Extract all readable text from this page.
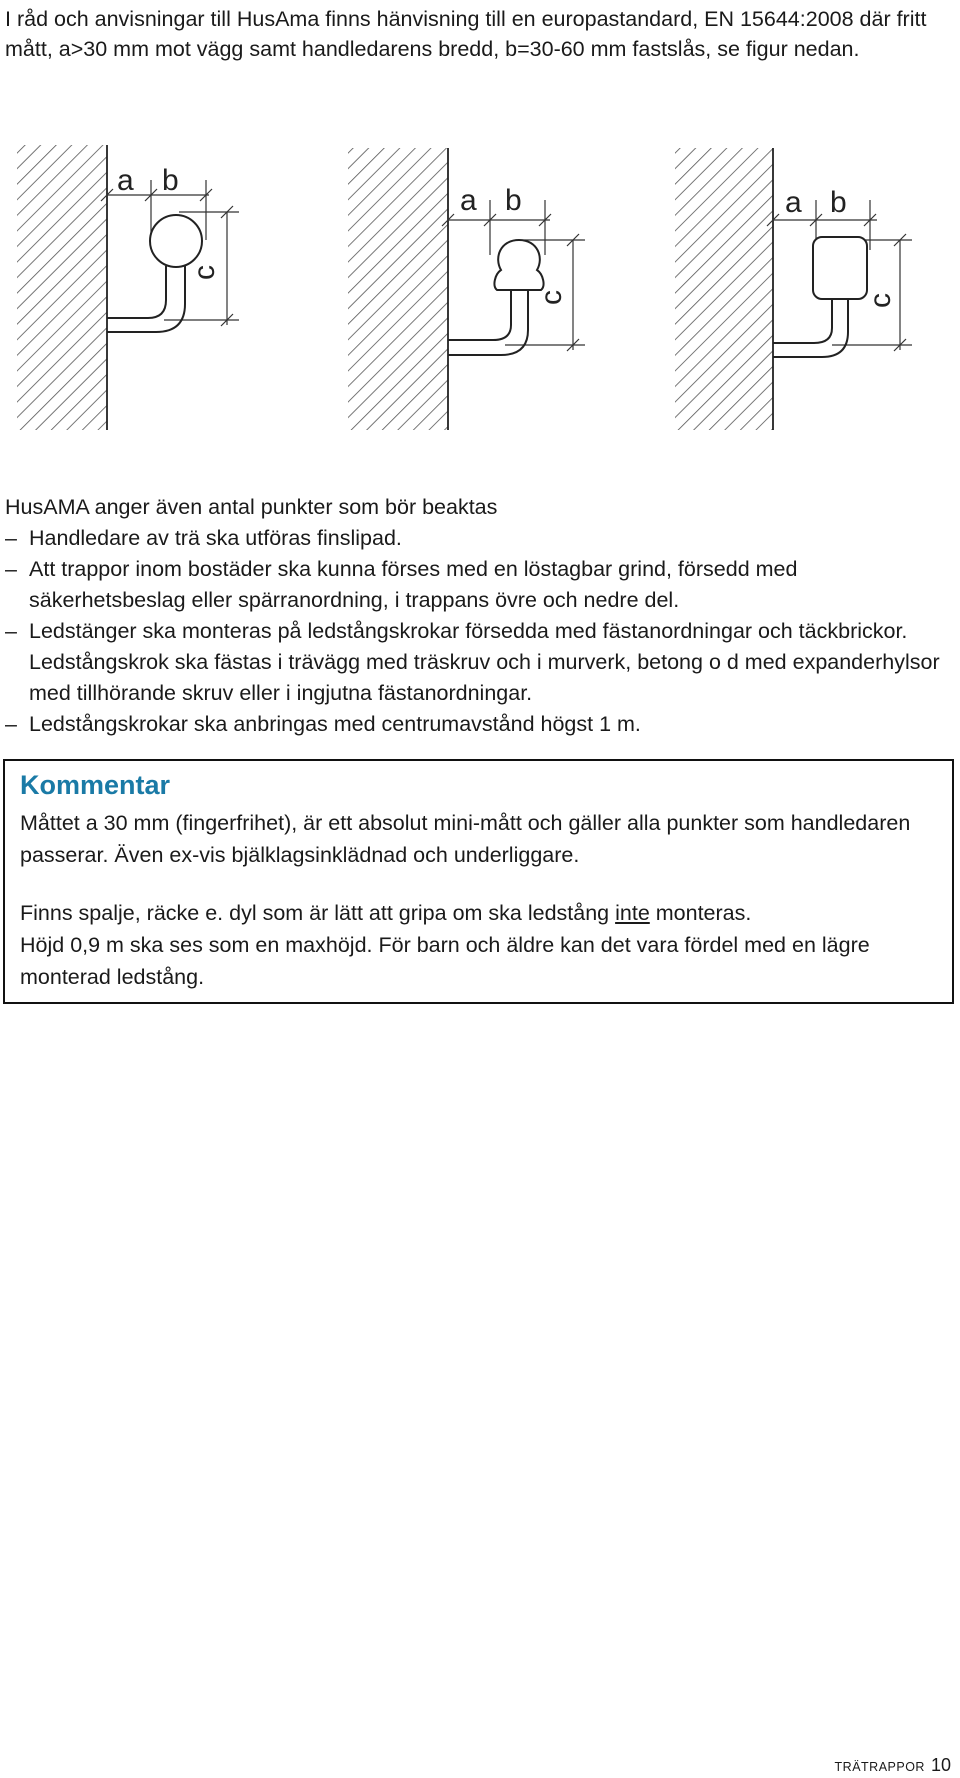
I råd och anvisningar till HusAma finns hänvisning till en europastandard, EN 15644:2008 där fritt mått, a>30 mm mot vägg samt handledarens bredd, b=30-60 mm fastslås, se figur nedan.

a b
c
a b
c
a b
c

HusAMA anger även antal punkter som bör beaktas

– Handledare av trä ska utföras finslipad.
– Att trappor inom bostäder ska kunna förses med en löstagbar grind, försedd med säkerhetsbeslag eller spärranordning, i trappans övre och nedre del.
– Ledstänger ska monteras på ledstångskrokar försedda med fästanordningar och täckbrickor. Ledstångskrok ska fästas i trävägg med träskruv och i murverk, betong o d med expanderhylsor med tillhörande skruv eller i ingjutna fästanordningar.
– Ledstångskrokar ska anbringas med centrumavstånd högst 1 m.
Kommentar

Måttet a 30 mm (fingerfrihet), är ett absolut mini-mått och gäller alla punkter som handledaren passerar. Även ex-vis bjälklagsinklädnad och underliggare.

Finns spalje, räcke e. dyl som är lätt att gripa om ska ledstång inte monteras.

Höjd 0,9 m ska ses som en maxhöjd. För barn och äldre kan det vara fördel med en lägre monterad ledstång.

TRÄTRAPPOR 10
